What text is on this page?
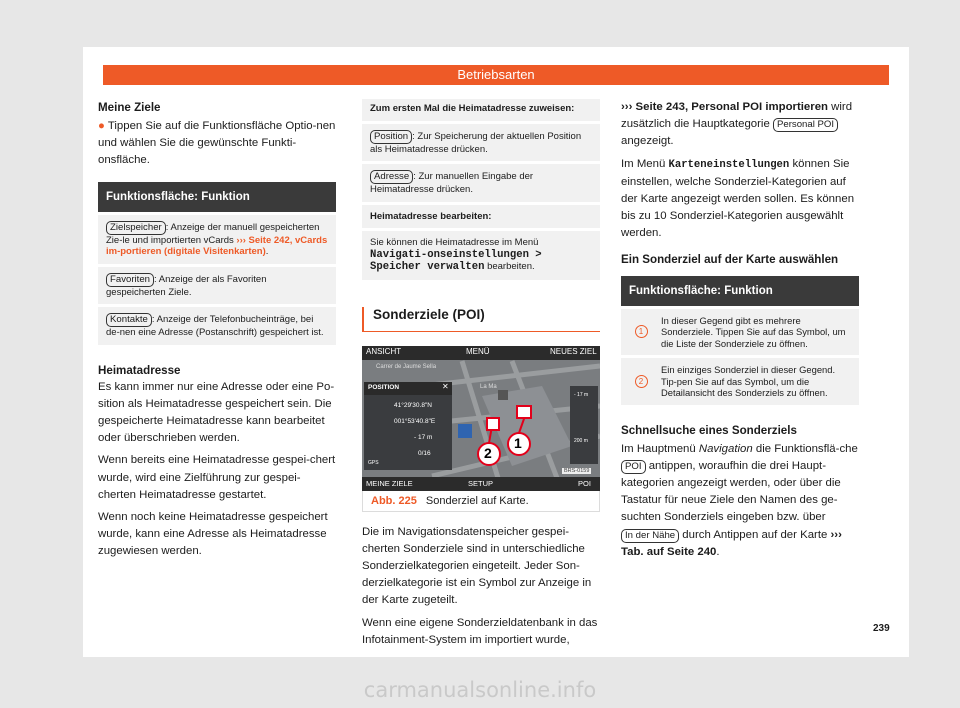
Betriebsarten

Meine Ziele

● Tippen Sie auf die Funktionsfläche Optio-nen und wählen Sie die gewünschte Funkti-onsfläche.

Funktionsfläche: Funktion
Zielspeicher : Anzeige der manuell gespeicherten Zie-le und importierten vCards ››› Seite 242, vCards im-portieren (digitale Visitenkarten).
Favoriten : Anzeige der als Favoriten gespeicherten Ziele.
Kontakte : Anzeige der Telefonbucheinträge, bei de-nen eine Adresse (Postanschrift) gespeichert ist.

Heimatadresse

Es kann immer nur eine Adresse oder eine Po-sition als Heimatadresse gespeichert sein. Die gespeicherte Heimatadresse kann bearbeitet oder überschrieben werden.

Wenn bereits eine Heimatadresse gespei-chert wurde, wird eine Zielführung zur gespei-cherten Heimatadresse gestartet.

Wenn noch keine Heimatadresse gespeichert wurde, kann eine Adresse als Heimatadresse zugewiesen werden.

Zum ersten Mal die Heimatadresse zuweisen:
Position : Zur Speicherung der aktuellen Position als Heimatadresse drücken.
Adresse : Zur manuellen Eingabe der Heimatadresse drücken.
Heimatadresse bearbeiten:
Sie können die Heimatadresse im Menü Navigati-onseinstellungen > Speicher verwalten bearbeiten.
Sonderziele (POI)
ANSICHT	MENÜ	NEUES ZIEL
Carrer de Jaume Sella
La Ma
POSITION	✕
41°29'30.8"N
001°53'40.8"E
- 17 m
0/16
GPS
- 17 m
200 m
1
2
MEINE ZIELE	SETUP	POI
BRS-0159
Abb. 225 Sonderziel auf Karte.

Die im Navigationsdatenspeicher gespei-cherten Sonderziele sind in unterschiedliche Sonderzielkategorien eingeteilt. Jeder Son-derzielkategorie ist ein Symbol zur Anzeige in der Karte zugeteilt.

Wenn eine eigene Sonderzieldatenbank in das Infotainment-System im importiert wurde,

››› Seite 243, Personal POI importieren wird zusätzlich die Hauptkategorie Personal POI angezeigt.

Im Menü Karteneinstellungen können Sie einstellen, welche Sonderziel-Kategorien auf der Karte angezeigt werden sollen. Es können bis zu 10 Sonderziel-Kategorien ausgewählt werden.

Ein Sonderziel auf der Karte auswählen

Funktionsfläche: Funktion
1
In dieser Gegend gibt es mehrere Sonderziele. Tippen Sie auf das Symbol, um die Liste der Sonderziele zu öffnen.
2
Ein einziges Sonderziel in dieser Gegend. Tip-pen Sie auf das Symbol, um die Detailansicht des Sonderziels zu öffnen.

Schnellsuche eines Sonderziels

Im Hauptmenü Navigation die Funktionsflä-che POI antippen, woraufhin die drei Haupt-kategorien angezeigt werden, oder über die Tastatur für neue Ziele den Namen des ge-suchten Sonderziels eingeben bzw. über In der Nähe durch Antippen auf der Karte ››› Tab. auf Seite 240.

239
carmanualsonline.info
